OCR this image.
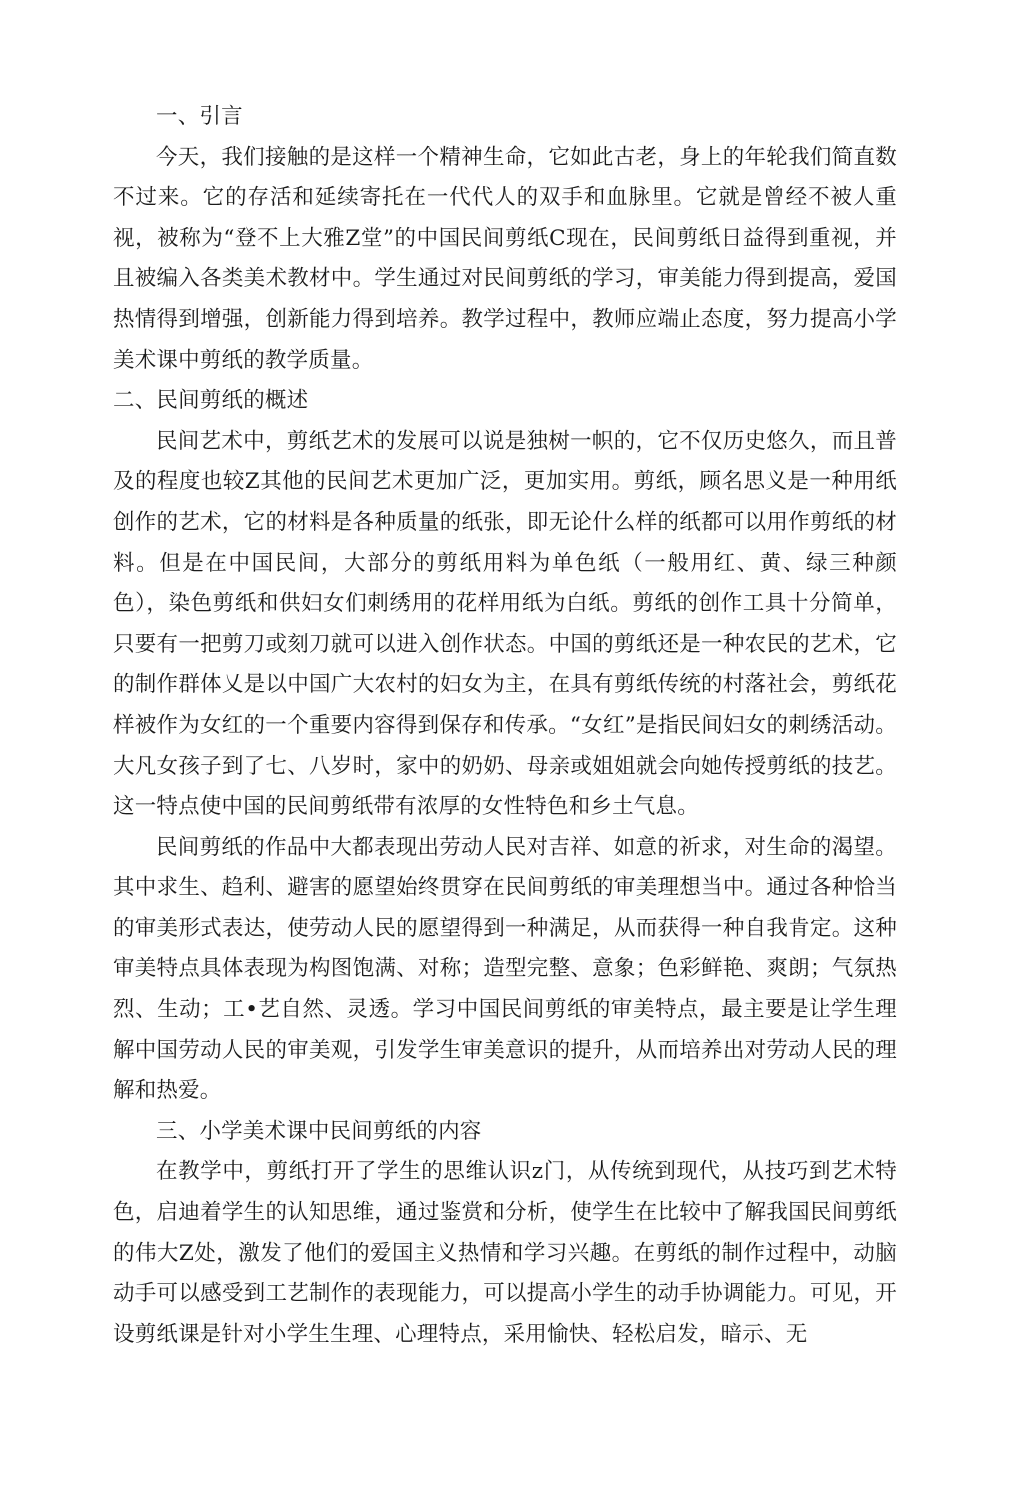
一、引言

今天，我们接触的是这样一个精神生命，它如此古老，身上的年轮我们简直数不过来。它的存活和延续寄托在一代代人的双手和血脉里。它就是曾经不被人重视，被称为“登不上大雅Z堂”的中国民间剪纸C现在，民间剪纸日益得到重视，并且被编入各类美术教材中。学生通过对民间剪纸的学习，审美能力得到提高，爱国热情得到增强，创新能力得到培养。教学过程中，教师应端止态度，努力提高小学美术课中剪纸的教学质量。

二、民间剪纸的概述

民间艺术中，剪纸艺术的发展可以说是独树一帜的，它不仅历史悠久，而且普及的程度也较Z其他的民间艺术更加广泛，更加实用。剪纸，顾名思义是一种用纸创作的艺术，它的材料是各种质量的纸张，即无论什么样的纸都可以用作剪纸的材料。但是在中国民间，大部分的剪纸用料为单色纸（一般用红、黄、绿三种颜色），染色剪纸和供妇女们刺绣用的花样用纸为白纸。剪纸的创作工具十分简单，只要有一把剪刀或刻刀就可以进入创作状态。中国的剪纸还是一种农民的艺术，它的制作群体乂是以中国广大农村的妇女为主，在具有剪纸传统的村落社会，剪纸花样被作为女红的一个重要内容得到保存和传承。“女红”是指民间妇女的刺绣活动。大凡女孩子到了七、八岁时，家中的奶奶、母亲或姐姐就会向她传授剪纸的技艺。这一特点使中国的民间剪纸带有浓厚的女性特色和乡土气息。

民间剪纸的作品中大都表现出劳动人民对吉祥、如意的祈求，对生命的渴望。其中求生、趋利、避害的愿望始终贯穿在民间剪纸的审美理想当中。通过各种恰当的审美形式表达，使劳动人民的愿望得到一种满足，从而获得一种自我肯定。这种审美特点具体表现为构图饱满、对称；造型完整、意象；色彩鲜艳、爽朗；气氛热烈、生动；工•艺自然、灵透。学习中国民间剪纸的审美特点，最主要是让学生理解中国劳动人民的审美观，引发学生审美意识的提升，从而培养出对劳动人民的理解和热爱。

三、小学美术课中民间剪纸的内容

在教学中，剪纸打开了学生的思维认识z门，从传统到现代，从技巧到艺术特色，启迪着学生的认知思维，通过鉴赏和分析，使学生在比较中了解我国民间剪纸的伟大Z处，激发了他们的爱国主义热情和学习兴趣。在剪纸的制作过程中，动脑动手可以感受到工艺制作的表现能力，可以提高小学生的动手协调能力。可见，开设剪纸课是针对小学生生理、心理特点，采用愉快、轻松启发，暗示、无
